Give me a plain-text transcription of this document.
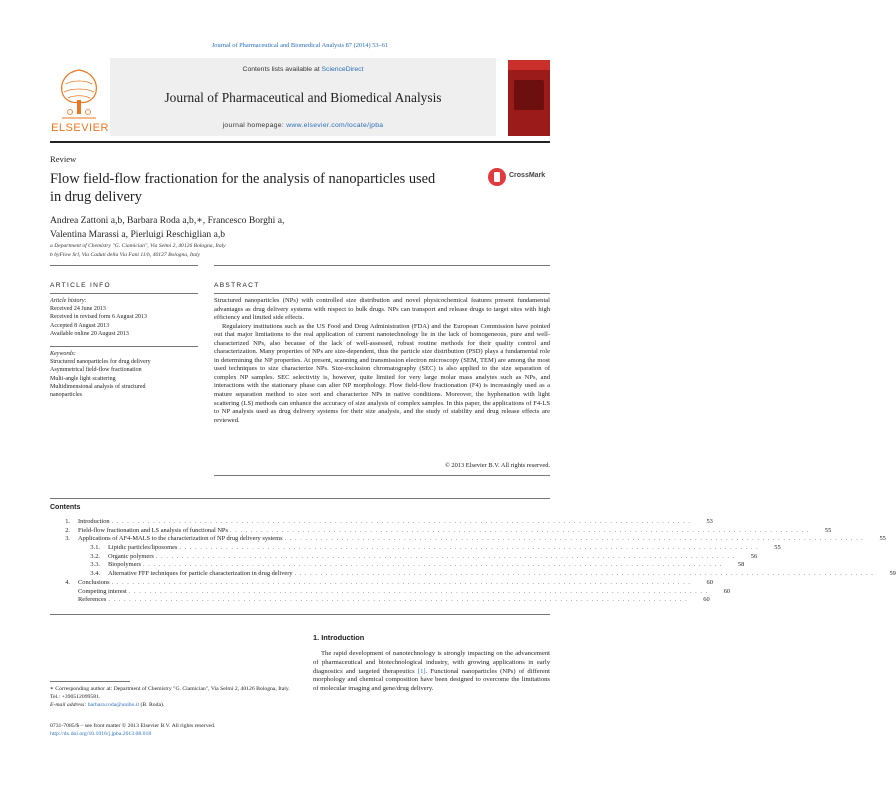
Journal of Pharmaceutical and Biomedical Analysis 87 (2014) 53–61
ELSEVIER
Contents lists available at ScienceDirect
Journal of Pharmaceutical and Biomedical Analysis
journal homepage: www.elsevier.com/locate/jpba
Review
Flow field-flow fractionation for the analysis of nanoparticles used in drug delivery
CrossMark
Andrea Zattoni a,b, Barbara Roda a,b,∗, Francesco Borghi a,
Valentina Marassi a, Pierluigi Reschiglian a,b
a Department of Chemistry "G. Ciamician", Via Selmi 2, 40126 Bologna, Italy
b byFlow Srl, Via Caduti della Via Fani 11/b, 40127 Bologna, Italy
ARTICLE INFO	ABSTRACT
Article history:
Received 24 June 2013
Received in revised form 6 August 2013
Accepted 8 August 2013
Available online 20 August 2013
Keywords:
Structured nanoparticles for drug delivery
Asymmetrical field-flow fractionation
Multi-angle light scattering
Multidimensional analysis of structured
nanoparticles

Structured nanoparticles (NPs) with controlled size distribution and novel physicochemical features present fundamental advantages as drug delivery systems with respect to bulk drugs. NPs can transport and release drugs to target sites with high efficiency and limited side effects.

Regulatory institutions such as the US Food and Drug Administration (FDA) and the European Commission have pointed out that major limitations to the real application of current nanotechnology lie in the lack of homogeneous, pure and well-characterized NPs, also because of the lack of well-assessed, robust routine methods for their quality control and characterization. Many properties of NPs are size-dependent, thus the particle size distribution (PSD) plays a fundamental role in determining the NP properties. At present, scanning and transmission electron microscopy (SEM, TEM) are among the most used techniques to size characterize NPs. Size-exclusion chromatography (SEC) is also applied to the size separation of complex NP samples. SEC selectivity is, however, quite limited for very large molar mass analytes such as NPs, and interactions with the stationary phase can alter NP morphology. Flow field-flow fractionation (F4) is increasingly used as a mature separation method to size sort and characterize NPs in native conditions. Moreover, the hyphenation with light scattering (LS) methods can enhance the accuracy of size analysis of complex samples. In this paper, the applications of F4-LS to NP analysis used as drug delivery systems for their size analysis, and the study of stability and drug release effects are reviewed.

© 2013 Elsevier B.V. All rights reserved.
Contents
1.	Introduction . . . . . . . . . . . . . . . . . . . . . . . . . . . . . . . . . . . . . . . . . . . . . . . . . . . . . . . . . . . . . . . . . . . . . . . . . . . . . . . . . . . . . . . . . . . . . . . . . . . . . . . . . . . . . . . .	53
2.	Field-flow fractionation and LS analysis of functional NPs . . . . . . . . . . . . . . . . . . . . . . . . . . . . . . . . . . . . . . . . . . . . . . . . . . . . . . . . . . . . . . . . . . . . . . . . . . . . . . . . . . . . . . . . . . . . . . . . . . . . . . . . . . . . . . . .	55
3.	Applications of AF4-MALS to the characterization of NP drug delivery systems . . . . . . . . . . . . . . . . . . . . . . . . . . . . . . . . . . . . . . . . . . . . . . . . . . . . . . . . . . . . . . . . . . . . . . . . . . . . . . . . . . . . . . . . . . . . . . . . . . . . . . . . . . . . . . . .	55
3.1.	Lipidic particles/liposomes . . . . . . . . . . . . . . . . . . . . . . . . . . . . . . . . . . . . . . . . . . . . . . . . . . . . . . . . . . . . . . . . . . . . . . . . . . . . . . . . . . . . . . . . . . . . . . . . . . . . . . . . . . . . . . . .	55
3.2.	Organic polymers . . . . . . . . . . . . . . . . . . . . . . . . . . . . . . . . . . . . . . . . . . . . . . . . . . . . . . . . . . . . . . . . . . . . . . . . . . . . . . . . . . . . . . . . . . . . . . . . . . . . . . . . . . . . . . . .	56
3.3.	Biopolymers . . . . . . . . . . . . . . . . . . . . . . . . . . . . . . . . . . . . . . . . . . . . . . . . . . . . . . . . . . . . . . . . . . . . . . . . . . . . . . . . . . . . . . . . . . . . . . . . . . . . . . . . . . . . . . . .	58
3.4.	Alternative FFF techniques for particle characterization in drug delivery . . . . . . . . . . . . . . . . . . . . . . . . . . . . . . . . . . . . . . . . . . . . . . . . . . . . . . . . . . . . . . . . . . . . . . . . . . . . . . . . . . . . . . . . . . . . . . . . . . . . . . . . . . . . . . . .	59
4.	Conclusions . . . . . . . . . . . . . . . . . . . . . . . . . . . . . . . . . . . . . . . . . . . . . . . . . . . . . . . . . . . . . . . . . . . . . . . . . . . . . . . . . . . . . . . . . . . . . . . . . . . . . . . . . . . . . . . .	60
Competing interest . . . . . . . . . . . . . . . . . . . . . . . . . . . . . . . . . . . . . . . . . . . . . . . . . . . . . . . . . . . . . . . . . . . . . . . . . . . . . . . . . . . . . . . . . . . . . . . . . . . . . . . . . . . . . . . .	60
References . . . . . . . . . . . . . . . . . . . . . . . . . . . . . . . . . . . . . . . . . . . . . . . . . . . . . . . . . . . . . . . . . . . . . . . . . . . . . . . . . . . . . . . . . . . . . . . . . . . . . . . . . . . . . . . .	60
1. Introduction
The rapid development of nanotechnology is strongly impacting on the advancement of pharmaceutical and biotechnological industry, with growing applications in early diagnostics and targeted therapeutics [1]. Functional nanoparticles (NPs) of different morphology and chemical composition have been designed to overcome the limitations of molecular imaging and gene/drug delivery.
∗ Corresponding author at: Department of Chemistry "G. Ciamician", Via Selmi 2, 40126 Bologna, Italy. Tel.: +390512099581.
E-mail address: barbara.roda@unibo.it (B. Roda).
0731-7085/$ – see front matter © 2013 Elsevier B.V. All rights reserved.
http://dx.doi.org/10.1016/j.jpba.2013.08.018
